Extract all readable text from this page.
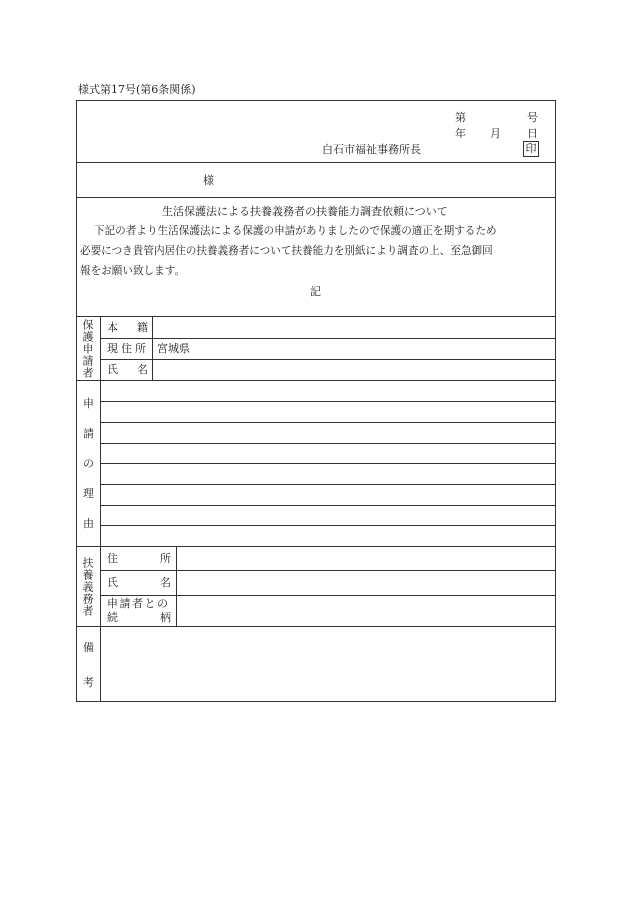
様式第17号(第6条関係)
第	号
年 月 日
白石市福祉事務所長	印
様
生活保護法による扶養義務者の扶養能力調査依頼について
下記の者より生活保護法による保護の申請がありましたので保護の適正を期するため
必要につき貴管内居住の扶養義務者について扶養能力を別紙により調査の上、至急御回
報をお願い致します。
記
保護申請者 本 籍
現住所 宮城県
氏 名
申
請
の
理
由
扶養義務者 住	所
氏	名
申請者との
続	柄
備
考
